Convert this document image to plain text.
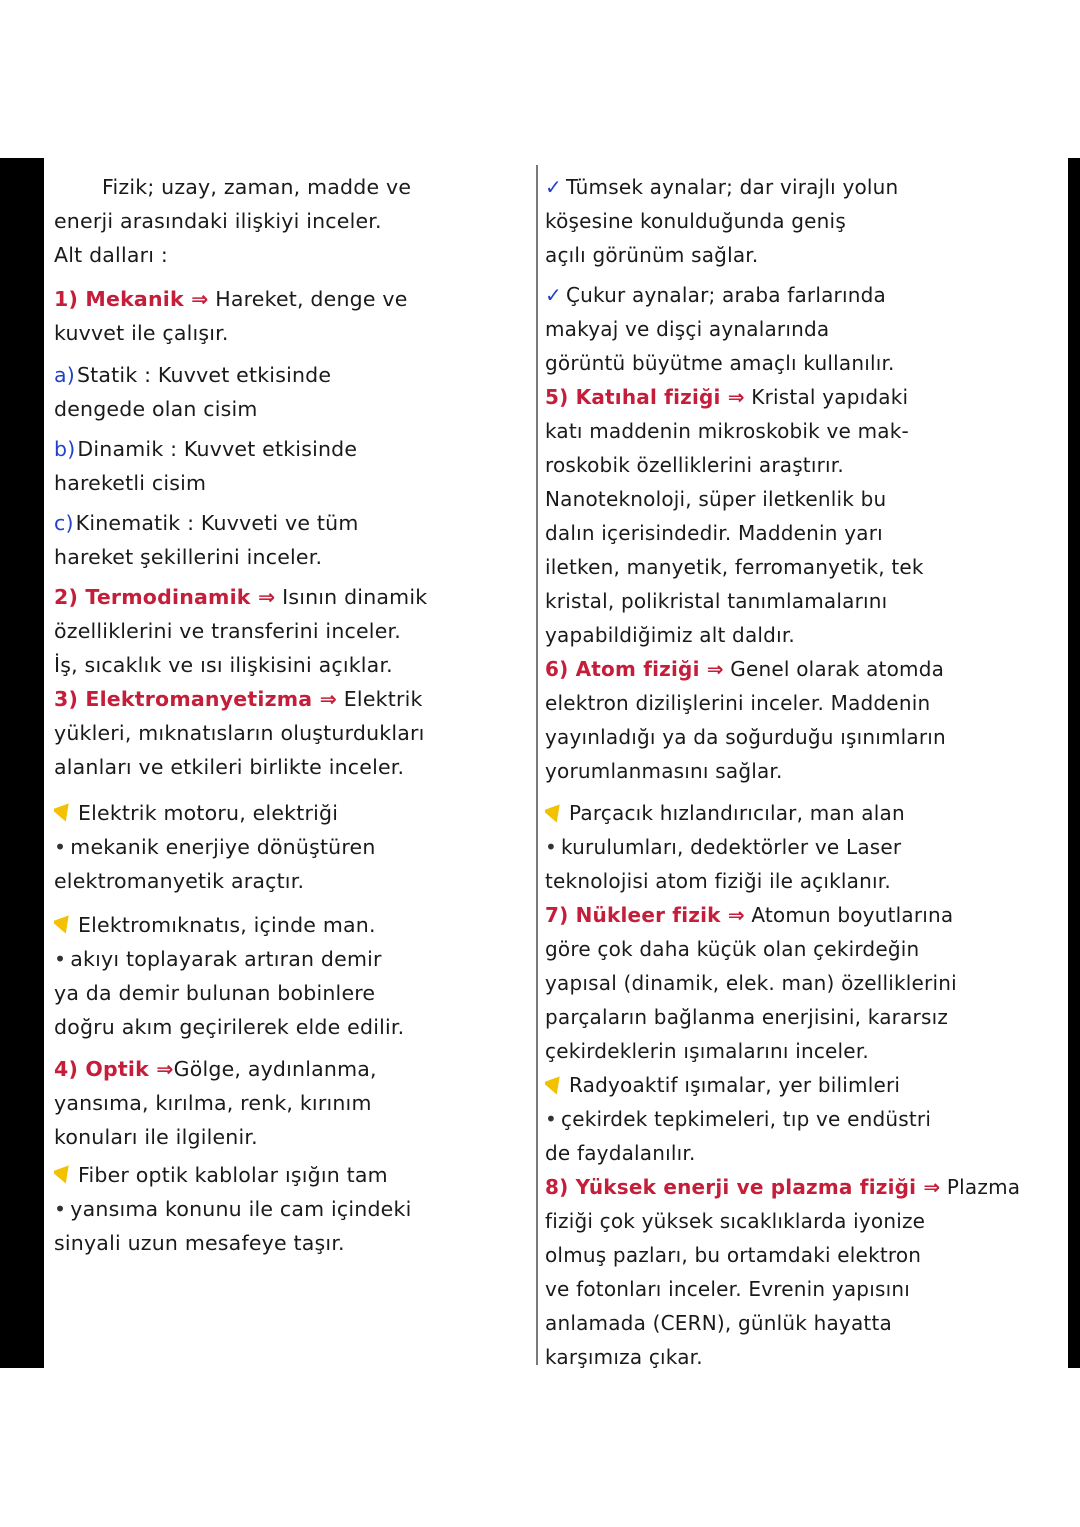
Fizik; uzay, zaman, madde ve
enerji arasındaki ilişkiyi inceler.
Alt dalları :
1) Mekanik ⇒ Hareket, denge ve
kuvvet ile çalışır.
a)Statik : Kuvvet etkisinde
dengede olan cisim
b)Dinamik : Kuvvet etkisinde
hareketli cisim
c)Kinematik : Kuvveti ve tüm
hareket şekillerini inceler.
2) Termodinamik ⇒ Isının dinamik
özelliklerini ve transferini inceler.
İş, sıcaklık ve ısı ilişkisini açıklar.
3) Elektromanyetizma ⇒ Elektrik
yükleri, mıknatısların oluşturdukları
alanları ve etkileri birlikte inceler.
Elektrik motoru, elektriği
• mekanik enerjiye dönüştüren
elektromanyetik araçtır.
Elektromıknatıs, içinde man.
• akıyı toplayarak artıran demir
ya da demir bulunan bobinlere
doğru akım geçirilerek elde edilir.
4) Optik ⇒Gölge, aydınlanma,
yansıma, kırılma, renk, kırınım
konuları ile ilgilenir.
Fiber optik kablolar ışığın tam
• yansıma konunu ile cam içindeki
sinyali uzun mesafeye taşır.
✓ Tümsek aynalar; dar virajlı yolun
köşesine konulduğunda geniş
açılı görünüm sağlar.
✓ Çukur aynalar; araba farlarında
makyaj ve dişçi aynalarında
görüntü büyütme amaçlı kullanılır.
5) Katıhal fiziği ⇒ Kristal yapıdaki
katı maddenin mikroskobik ve mak-
roskobik özelliklerini araştırır.
Nanoteknoloji, süper iletkenlik bu
dalın içerisindedir. Maddenin yarı
iletken, manyetik, ferromanyetik, tek
kristal, polikristal tanımlamalarını
yapabildiğimiz alt daldır.
6) Atom fiziği ⇒ Genel olarak atomda
elektron dizilişlerini inceler. Maddenin
yayınladığı ya da soğurduğu ışınımların
yorumlanmasını sağlar.
Parçacık hızlandırıcılar, man alan
• kurulumları, dedektörler ve Laser
teknolojisi atom fiziği ile açıklanır.
7) Nükleer fizik ⇒ Atomun boyutlarına
göre çok daha küçük olan çekirdeğin
yapısal (dinamik, elek. man) özelliklerini
parçaların bağlanma enerjisini, kararsız
çekirdeklerin ışımalarını inceler.
Radyoaktif ışımalar, yer bilimleri
• çekirdek tepkimeleri, tıp ve endüstri
de faydalanılır.
8) Yüksek enerji ve plazma fiziği ⇒ Plazma
fiziği çok yüksek sıcaklıklarda iyonize
olmuş pazları, bu ortamdaki elektron
ve fotonları inceler. Evrenin yapısını
anlamada (CERN), günlük hayatta
karşımıza çıkar.
